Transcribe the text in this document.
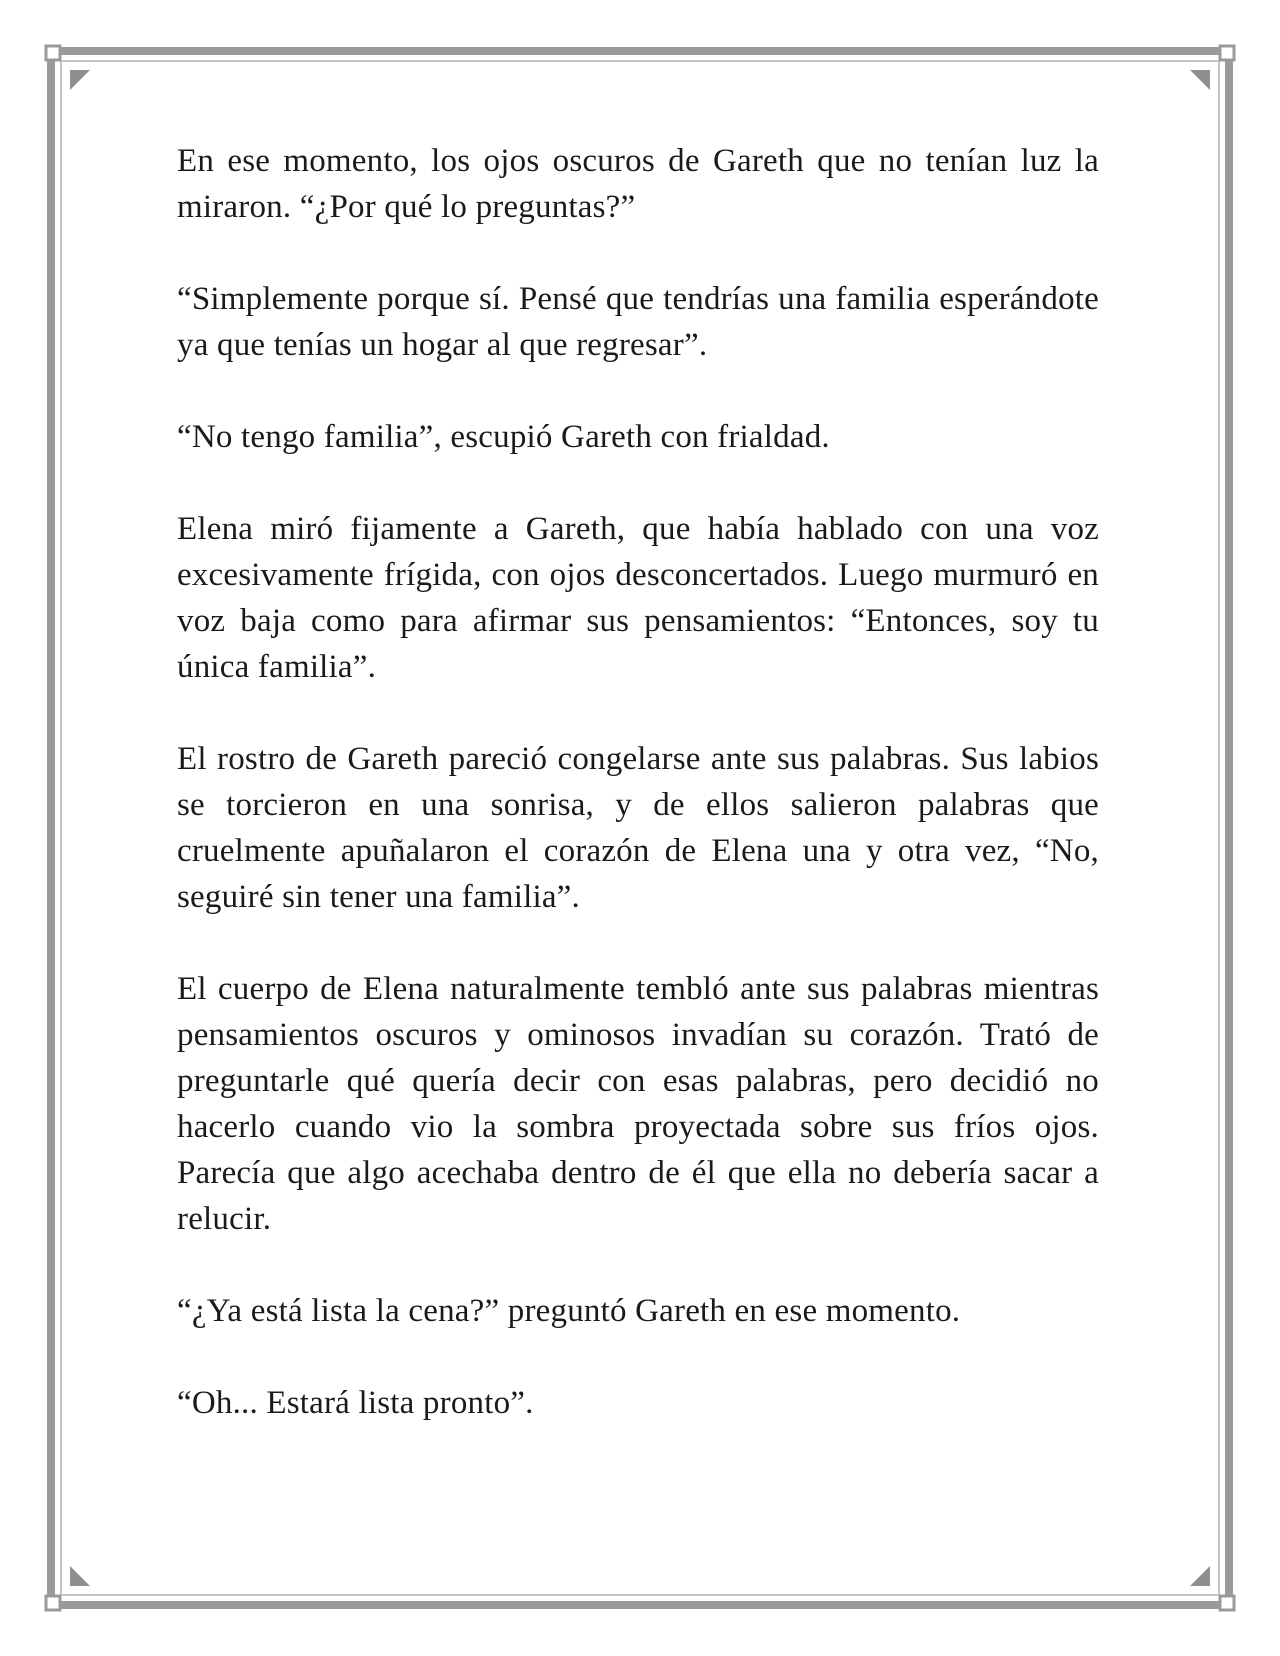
En ese momento, los ojos oscuros de Gareth que no tenían luz la miraron. “¿Por qué lo preguntas?”

“Simplemente porque sí. Pensé que tendrías una familia esperándote ya que tenías un hogar al que regresar”.

“No tengo familia”, escupió Gareth con frialdad.

Elena miró fijamente a Gareth, que había hablado con una voz excesivamente frígida, con ojos desconcertados. Luego murmuró en voz baja como para afirmar sus pensamientos: “Entonces, soy tu única familia”.

El rostro de Gareth pareció congelarse ante sus palabras. Sus labios se torcieron en una sonrisa, y de ellos salieron palabras que cruelmente apuñalaron el corazón de Elena una y otra vez, “No, seguiré sin tener una familia”.

El cuerpo de Elena naturalmente tembló ante sus palabras mientras pensamientos oscuros y ominosos invadían su corazón. Trató de preguntarle qué quería decir con esas palabras, pero decidió no hacerlo cuando vio la sombra proyectada sobre sus fríos ojos. Parecía que algo acechaba dentro de él que ella no debería sacar a relucir.

“¿Ya está lista la cena?” preguntó Gareth en ese momento.

“Oh... Estará lista pronto”.
